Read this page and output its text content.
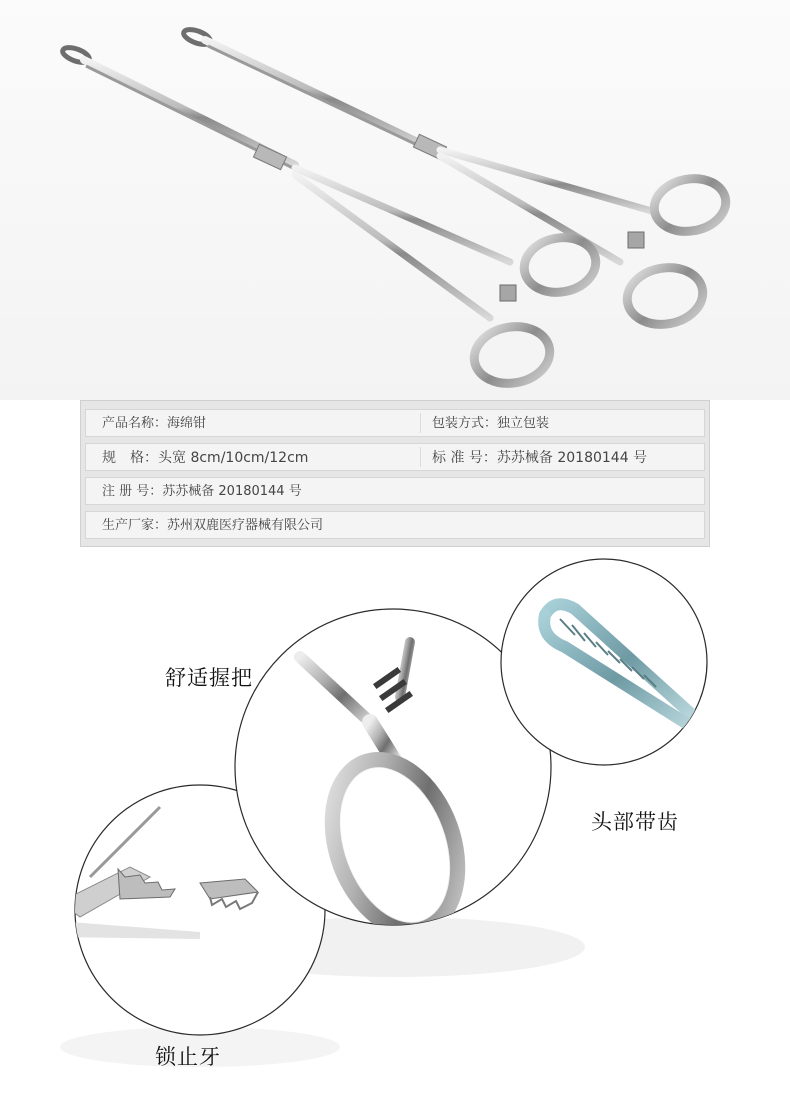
产品名称：海绵钳	包装方式：独立包装
规　格：头宽 8cm/10cm/12cm	标 准 号：苏苏械备 20180144 号
注 册 号：苏苏械备 20180144 号
生产厂家：苏州双鹿医疗器械有限公司
舒适握把
头部带齿
锁止牙
